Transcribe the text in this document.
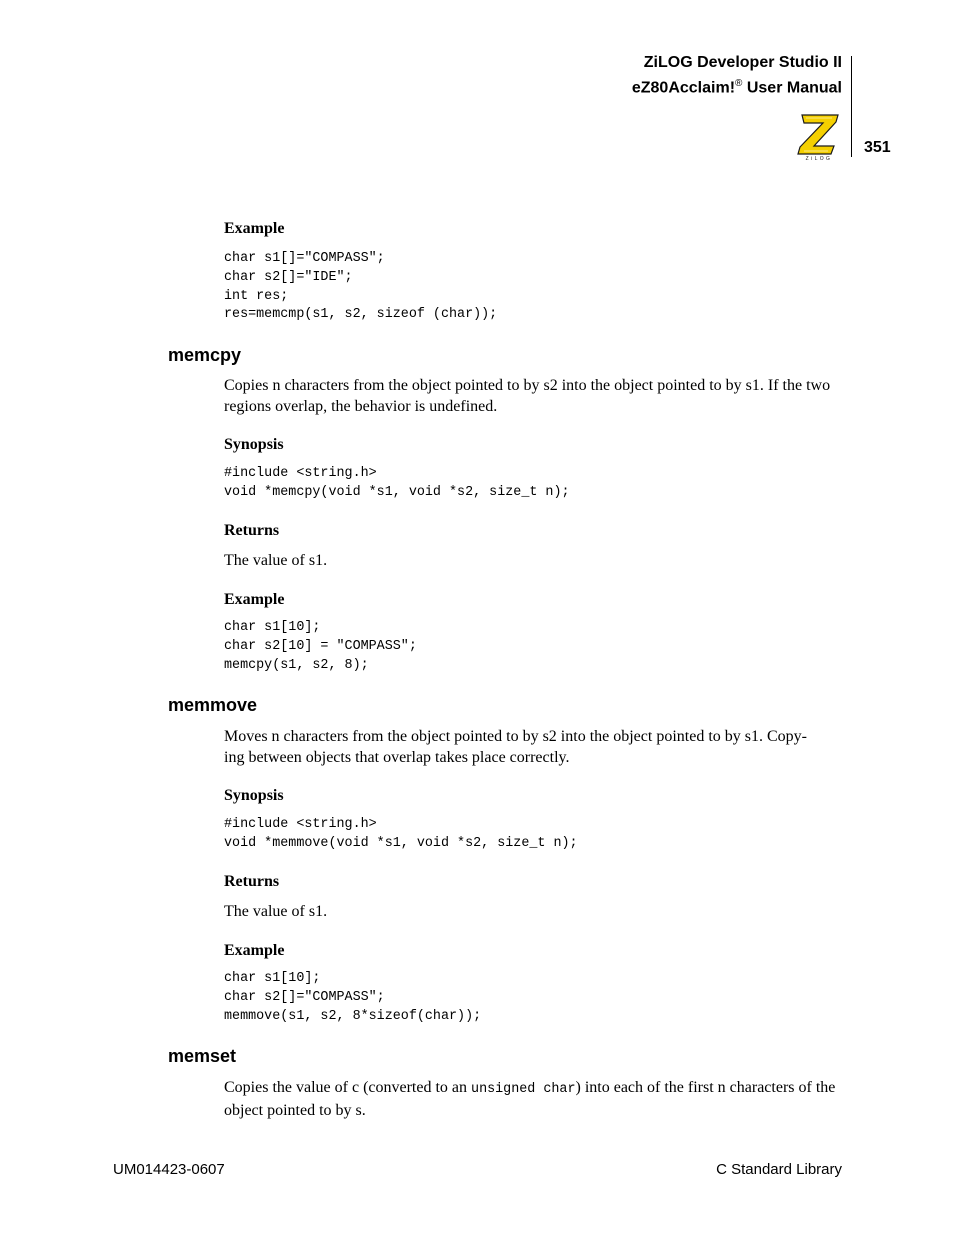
ZiLOG Developer Studio II
eZ80Acclaim!® User Manual
ZiLOG
351
Example
char s1[]="COMPASS";
char s2[]="IDE";
int res;
res=memcmp(s1, s2, sizeof (char));
memcpy
Copies n characters from the object pointed to by s2 into the object pointed to by s1. If the two regions overlap, the behavior is undefined.
Synopsis
#include <string.h>
void *memcpy(void *s1, void *s2, size_t n);
Returns
The value of s1.
Example
char s1[10];
char s2[10] = "COMPASS";
memcpy(s1, s2, 8);
memmove
Moves n characters from the object pointed to by s2 into the object pointed to by s1. Copy-
ing between objects that overlap takes place correctly.
Synopsis
#include <string.h>
void *memmove(void *s1, void *s2, size_t n);
Returns
The value of s1.
Example
char s1[10];
char s2[]="COMPASS";
memmove(s1, s2, 8*sizeof(char));
memset
Copies the value of c (converted to an unsigned char) into each of the first n characters of the object pointed to by s.
UM014423-0607	C Standard Library
